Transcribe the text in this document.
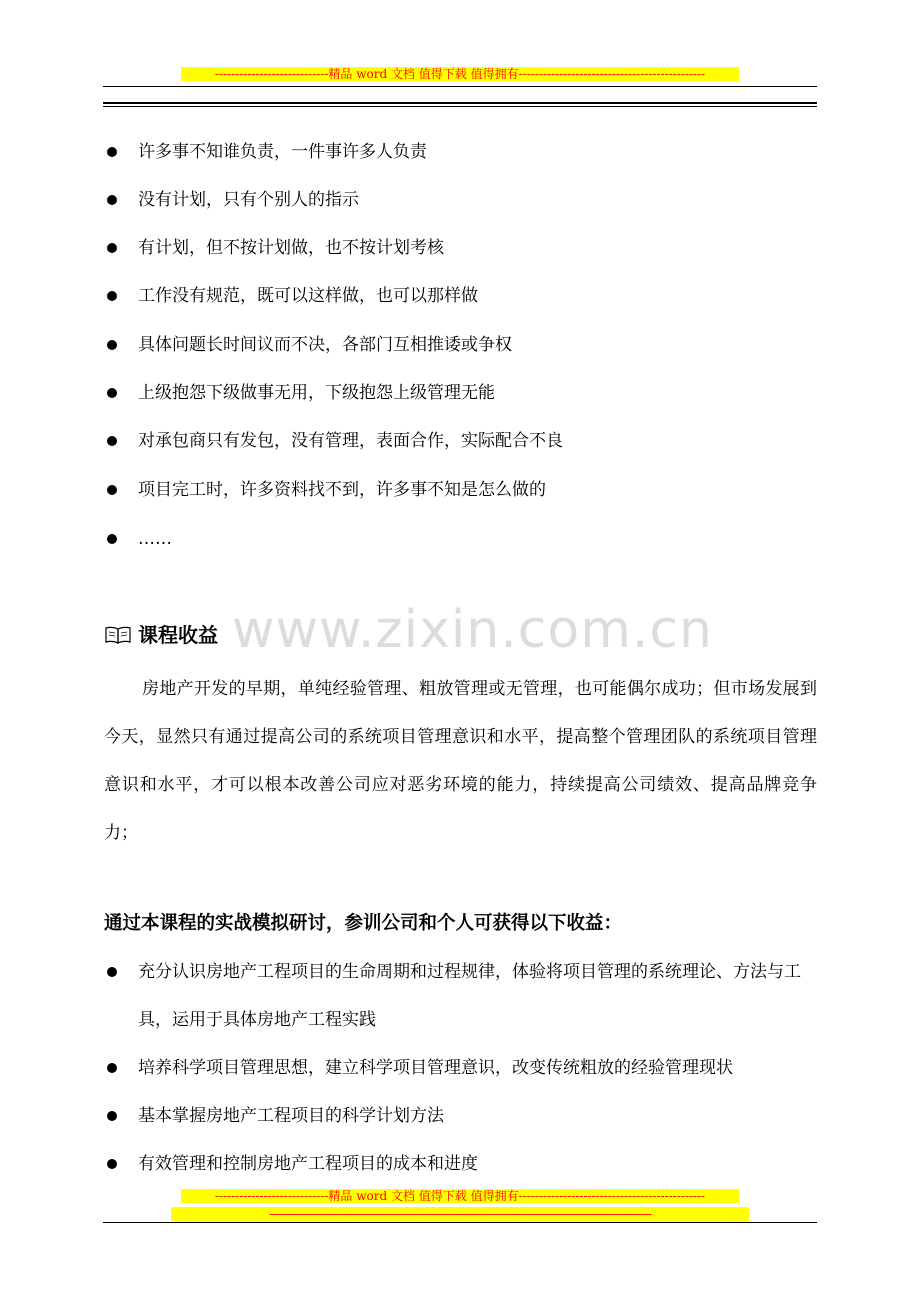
----------------------------精品 word 文档 值得下载 值得拥有----------------------------------------------
许多事不知谁负责，一件事许多人负责
没有计划，只有个别人的指示
有计划，但不按计划做，也不按计划考核
工作没有规范，既可以这样做，也可以那样做
具体问题长时间议而不决，各部门互相推诿或争权
上级抱怨下级做事无用，下级抱怨上级管理无能
对承包商只有发包，没有管理，表面合作，实际配合不良
项目完工时，许多资料找不到，许多事不知是怎么做的
……
www.zixin.com.cn
课程收益
房地产开发的早期，单纯经验管理、粗放管理或无管理，也可能偶尔成功；但市场发展到今天，显然只有通过提高公司的系统项目管理意识和水平，提高整个管理团队的系统项目管理意识和水平，才可以根本改善公司应对恶劣环境的能力，持续提高公司绩效、提高品牌竞争力；
通过本课程的实战模拟研讨，参训公司和个人可获得以下收益：
充分认识房地产工程项目的生命周期和过程规律，体验将项目管理的系统理论、方法与工具，运用于具体房地产工程实践
培养科学项目管理思想，建立科学项目管理意识，改变传统粗放的经验管理现状
基本掌握房地产工程项目的科学计划方法
有效管理和控制房地产工程项目的成本和进度
----------------------------精品 word 文档 值得下载 值得拥有----------------------------------------------
-----------------------------------------------------------------------------------------------------------------------------
